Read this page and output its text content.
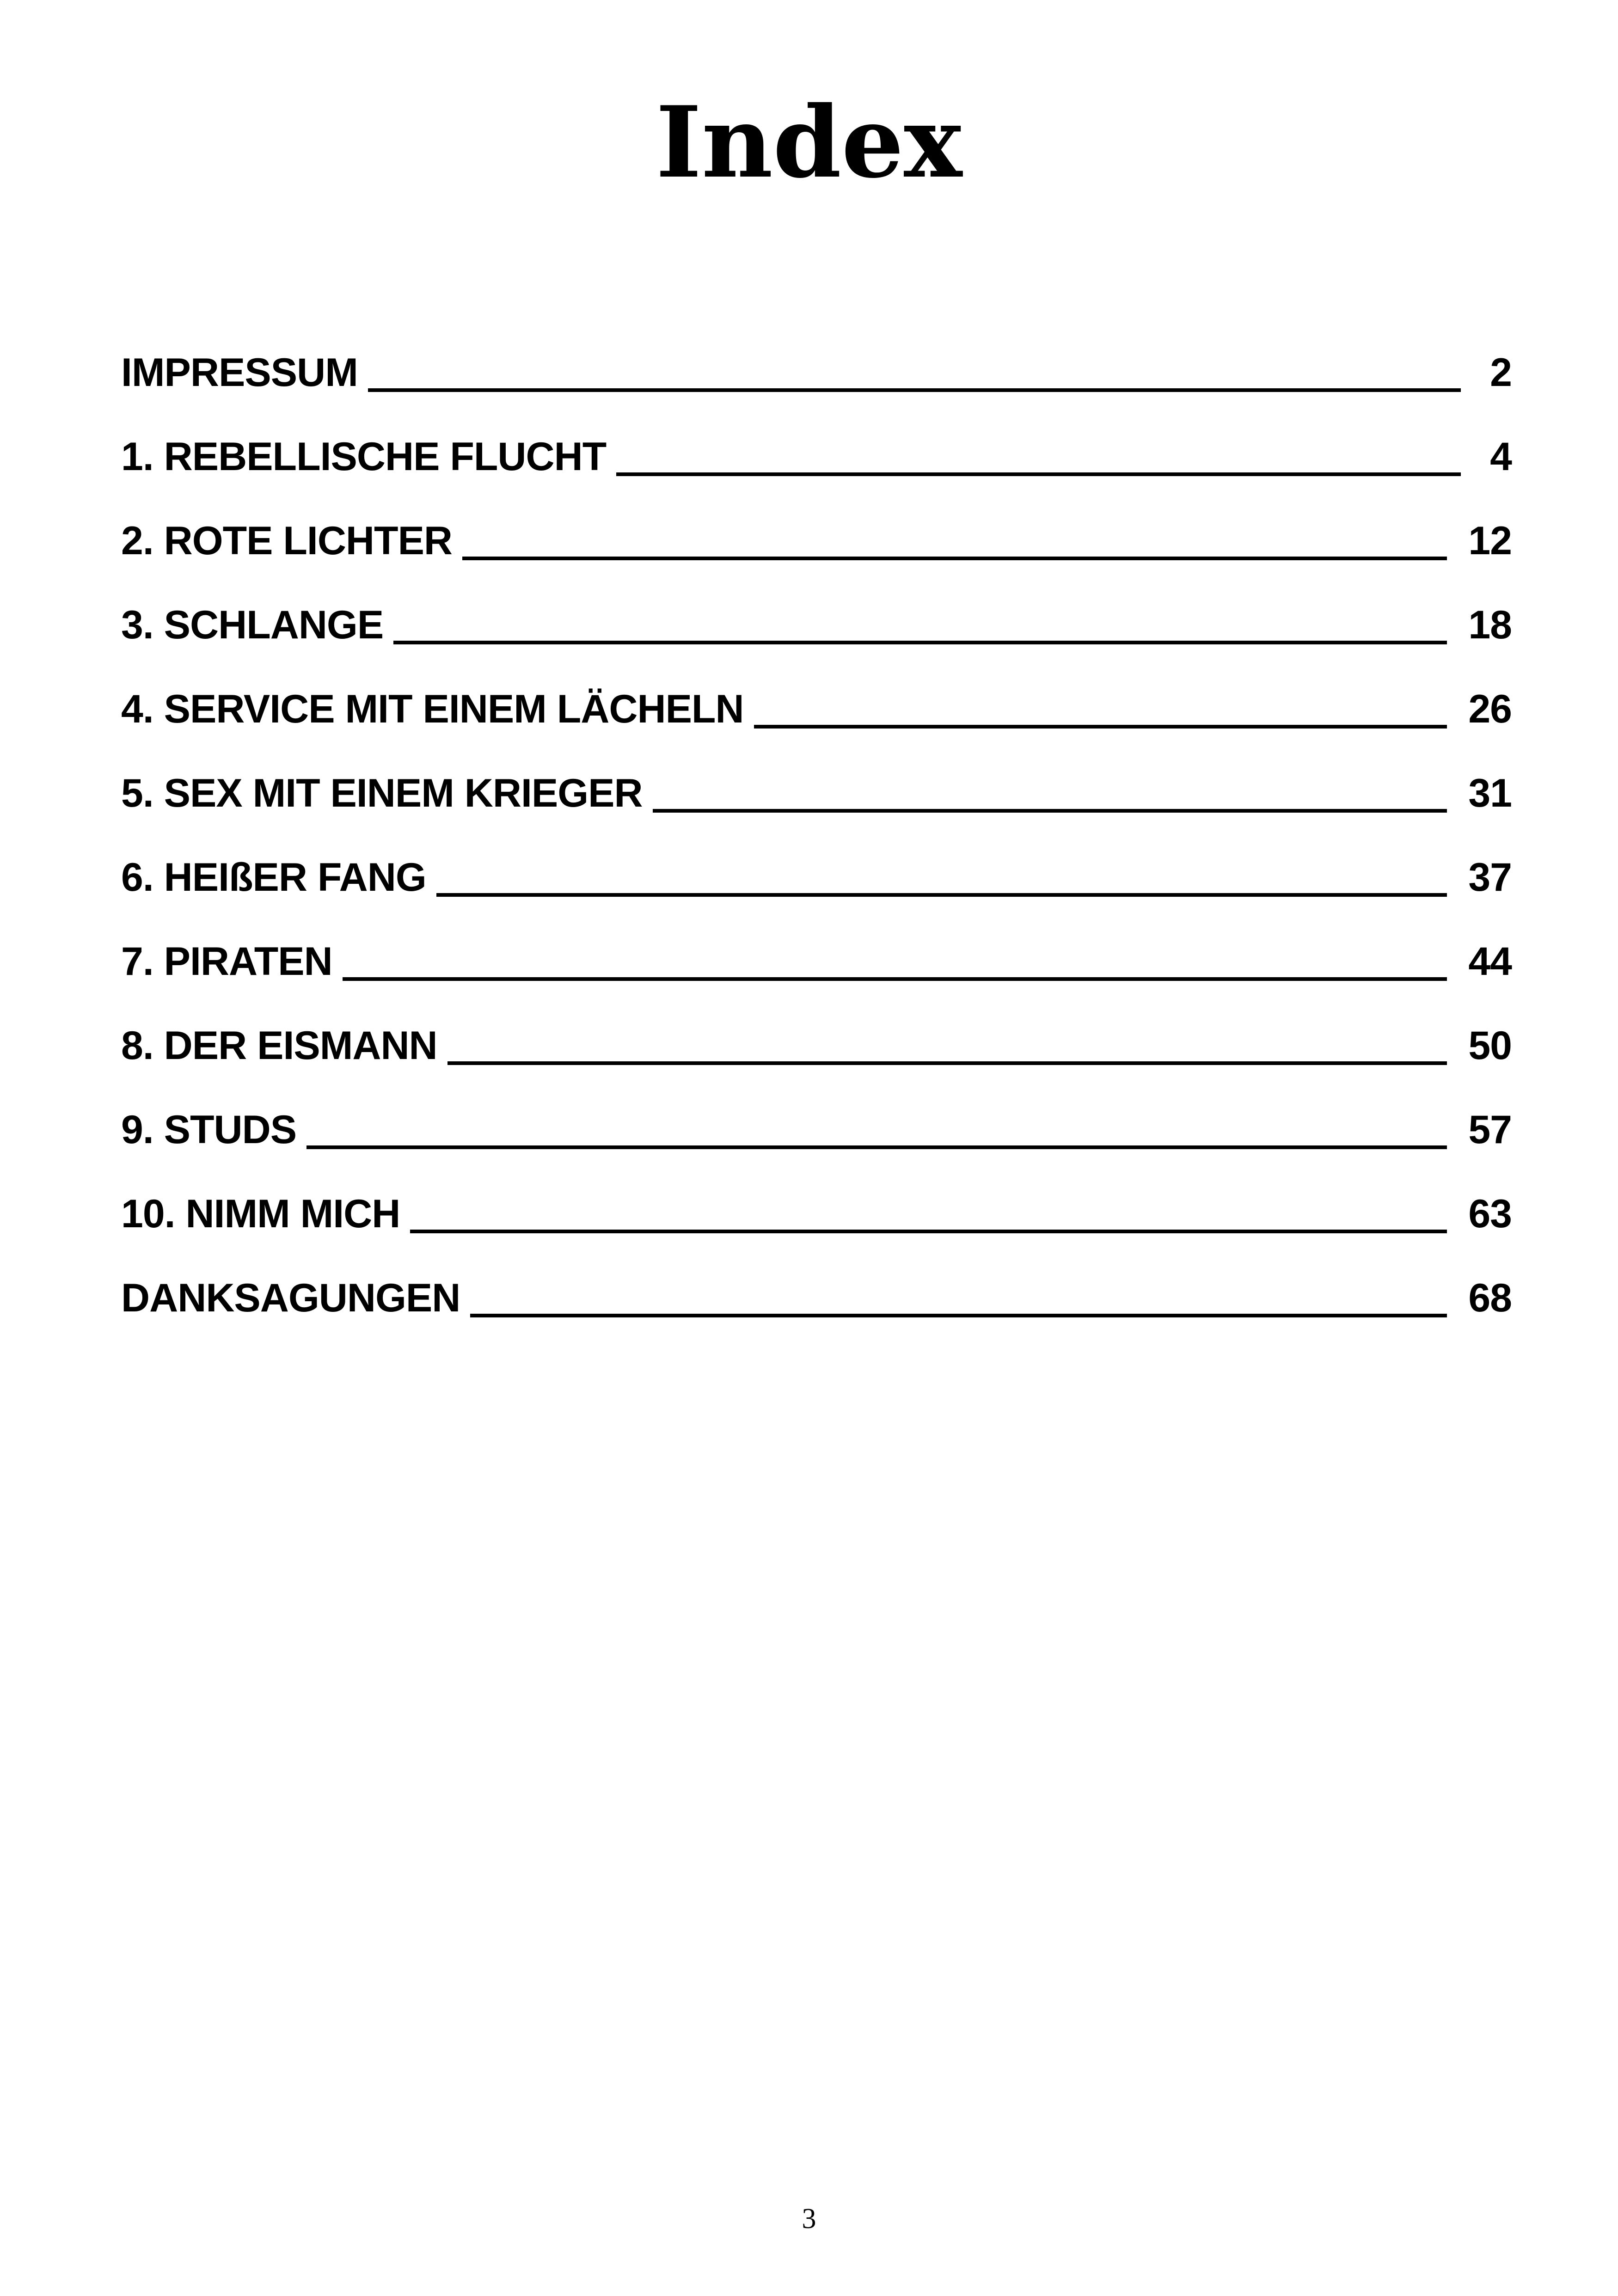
Index
IMPRESSUM	2
1. REBELLISCHE FLUCHT	4
2. ROTE LICHTER	12
3. SCHLANGE	18
4. SERVICE MIT EINEM LÄCHELN	26
5. SEX MIT EINEM KRIEGER	31
6. HEIßER FANG	37
7. PIRATEN	44
8. DER EISMANN	50
9. STUDS	57
10. NIMM MICH	63
DANKSAGUNGEN	68
3
